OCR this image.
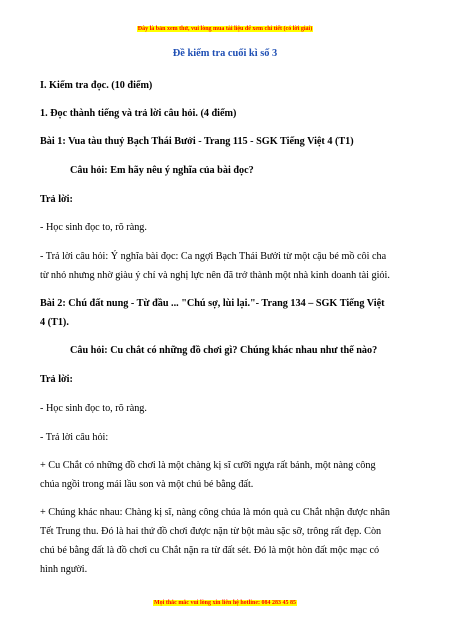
Đây là bản xem thử, vui lòng mua tài liệu để xem chi tiết (có lời giải)
Đề kiểm tra cuối kì số 3
I. Kiểm tra đọc. (10 điểm)
1. Đọc thành tiếng và trả lời câu hỏi. (4 điểm)
Bài 1: Vua tàu thuỷ Bạch Thái Bưởi - Trang 115 - SGK Tiếng Việt 4 (T1)
Câu hỏi: Em hãy nêu ý nghĩa của bài đọc?
Trả lời:
- Học sinh đọc to, rõ ràng.
- Trả lời câu hỏi: Ý nghĩa bài đọc: Ca ngợi Bạch Thái Bưởi từ một cậu bé mồ côi cha
từ nhỏ nhưng nhờ giàu ý chí và nghị lực nên đã trở thành một nhà kinh doanh tài giỏi.
Bài 2: Chú đất nung - Từ đầu ... "Chú sợ, lùi lại."- Trang 134 – SGK Tiếng Việt
4 (T1).
Câu hỏi: Cu chắt có những đồ chơi gì? Chúng khác nhau như thế nào?
Trả lời:
- Học sinh đọc to, rõ ràng.
- Trả lời câu hỏi:
+ Cu Chắt có những đồ chơi là một chàng kị sĩ cưỡi ngựa rất bảnh, một nàng công
chúa ngồi trong mái lầu son và một chú bé bằng đất.
+ Chúng khác nhau: Chàng kị sĩ, nàng công chúa là món quà cu Chắt nhận được nhân
Tết Trung thu. Đó là hai thứ đồ chơi được nặn từ bột màu sặc sỡ, trông rất đẹp. Còn
chú bé bằng đất là đồ chơi cu Chắt nặn ra từ đất sét. Đó là một hòn đất mộc mạc có
hình người.
Mọi thắc mắc vui lòng xin liên hệ hotline: 084 283 45 85
